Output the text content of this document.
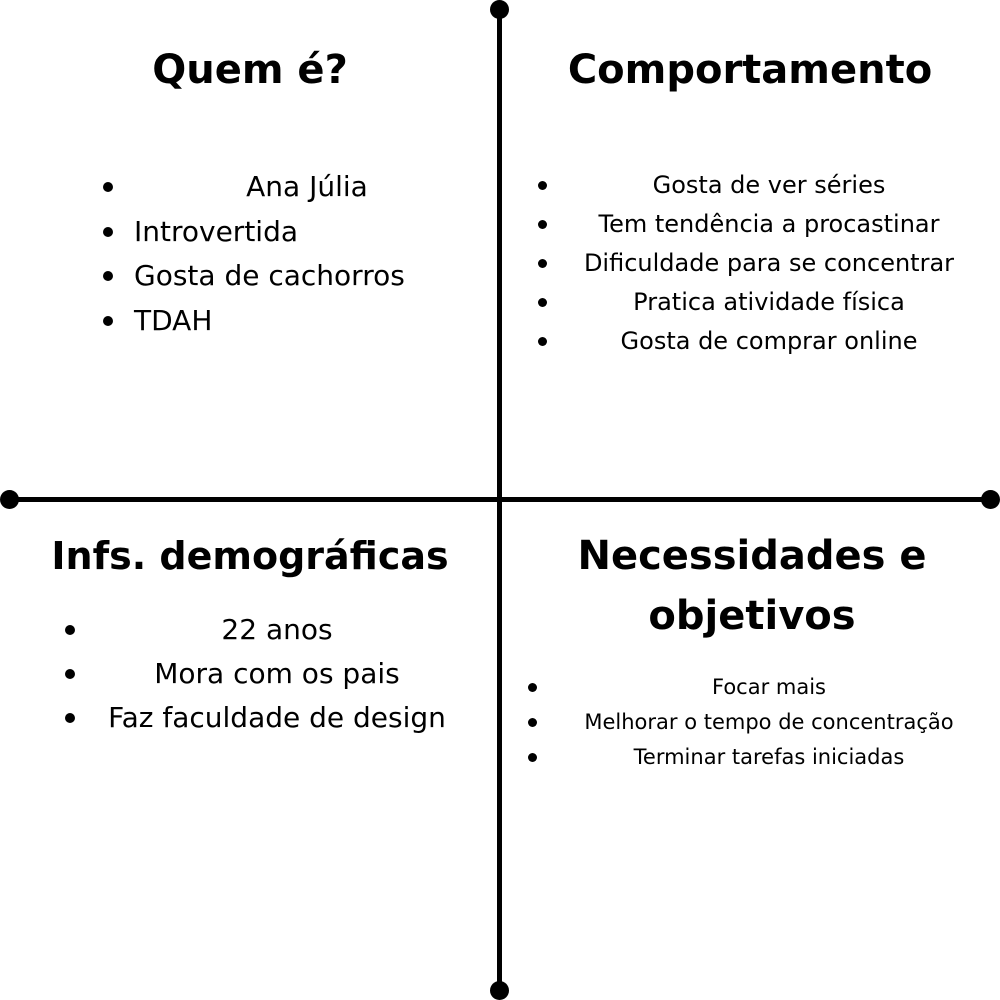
Quem é?
Ana Júlia
Introvertida
Gosta de cachorros
TDAH
Comportamento
Gosta de ver séries
Tem tendência a procastinar
Dificuldade para se concentrar
Pratica atividade física
Gosta de comprar online
Infs. demográficas
22 anos
Mora com os pais
Faz faculdade de design
Necessidades e
objetivos
Focar mais
Melhorar o tempo de concentração
Terminar tarefas iniciadas
